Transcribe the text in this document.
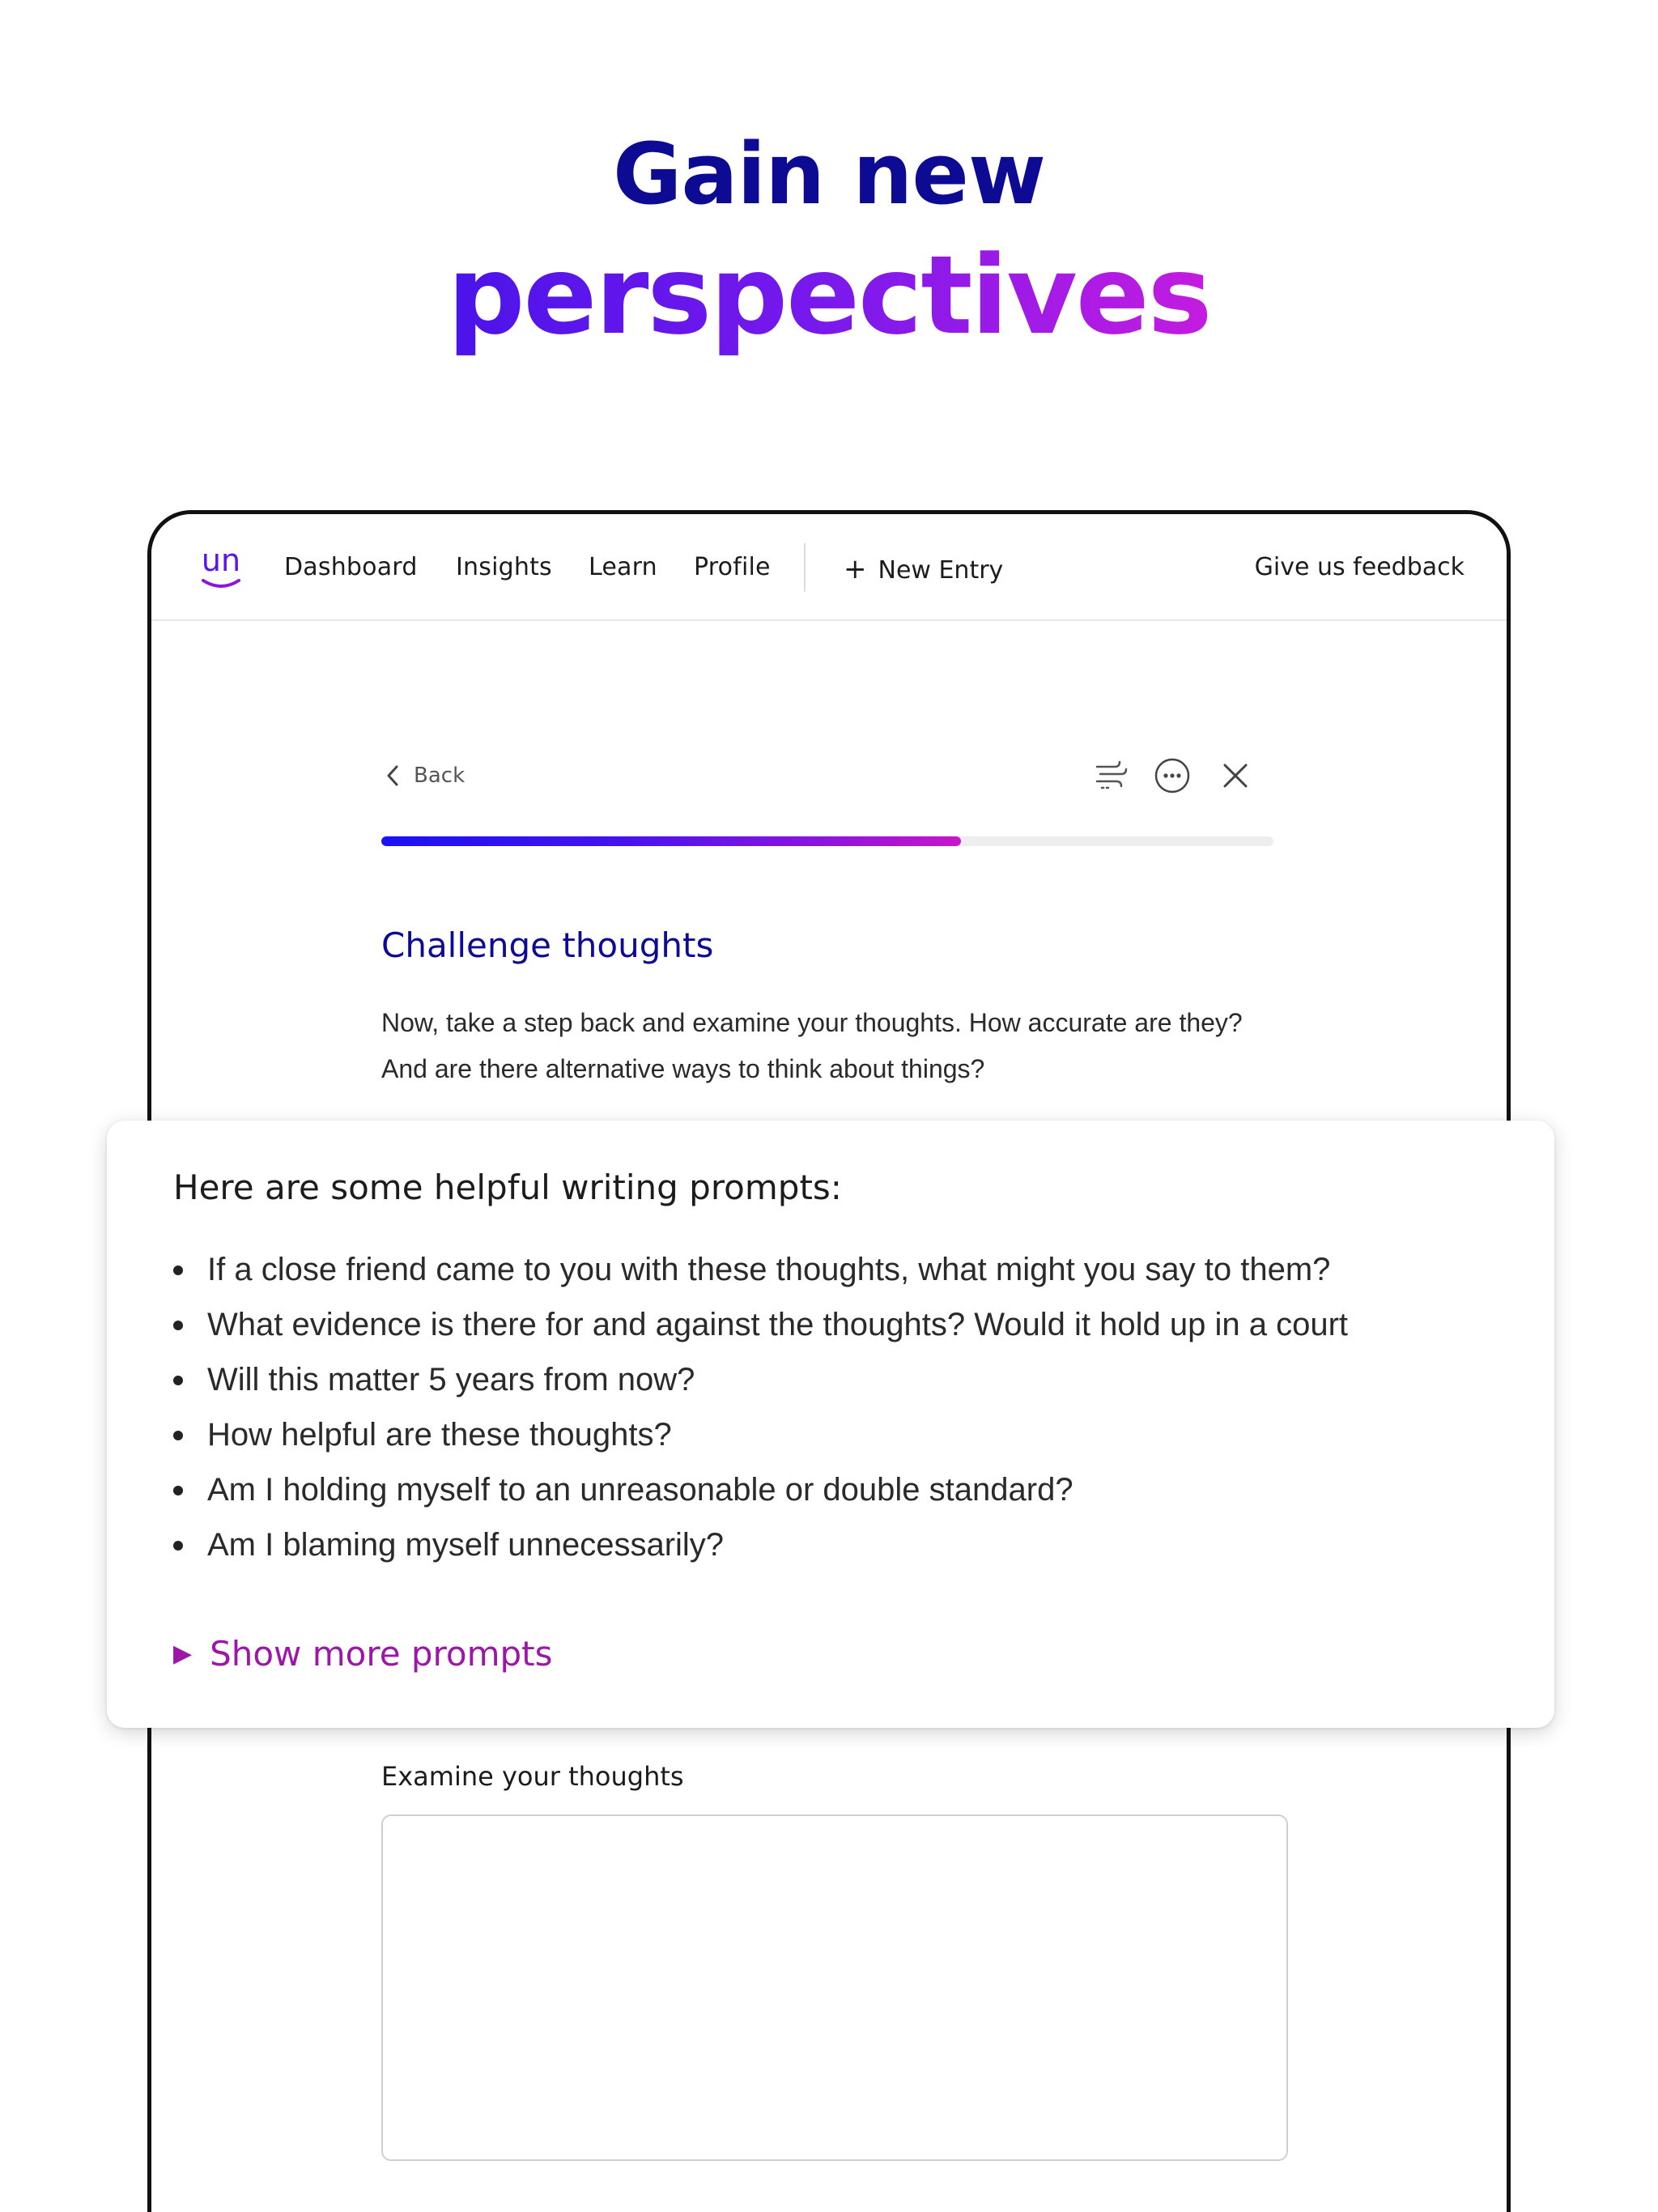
Gain new
perspectives
un Dashboard Insights Learn Profile	+ New Entry	Give us feedback
Back
Challenge thoughts
Now, take a step back and examine your thoughts. How accurate are they? And are there alternative ways to think about things?
Examine your thoughts
Here are some helpful writing prompts:
If a close friend came to you with these thoughts, what might you say to them?
What evidence is there for and against the thoughts? Would it hold up in a court
Will this matter 5 years from now?
How helpful are these thoughts?
Am I holding myself to an unreasonable or double standard?
Am I blaming myself unnecessarily?
▶ Show more prompts
